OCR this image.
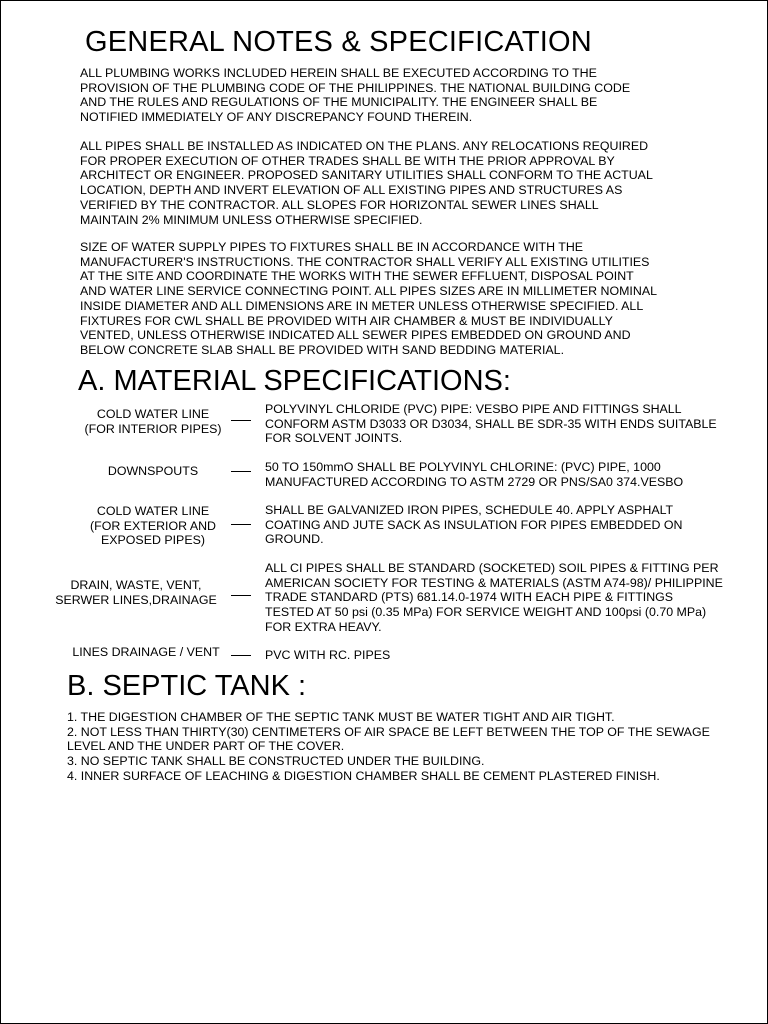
GENERAL NOTES & SPECIFICATION
ALL PLUMBING WORKS INCLUDED HEREIN SHALL BE EXECUTED ACCORDING TO THE
PROVISION OF THE PLUMBING CODE OF THE PHILIPPINES. THE NATIONAL BUILDING CODE
AND THE RULES AND REGULATIONS OF THE MUNICIPALITY. THE ENGINEER SHALL BE
NOTIFIED IMMEDIATELY OF ANY DISCREPANCY FOUND THEREIN.
ALL PIPES SHALL BE INSTALLED AS INDICATED ON THE PLANS. ANY RELOCATIONS REQUIRED
FOR PROPER EXECUTION OF OTHER TRADES SHALL BE WITH THE PRIOR APPROVAL BY
ARCHITECT OR ENGINEER. PROPOSED SANITARY UTILITIES SHALL CONFORM TO THE ACTUAL
LOCATION, DEPTH AND INVERT ELEVATION OF ALL EXISTING PIPES AND STRUCTURES AS
VERIFIED BY THE CONTRACTOR. ALL SLOPES FOR HORIZONTAL SEWER LINES SHALL
MAINTAIN 2% MINIMUM UNLESS OTHERWISE SPECIFIED.
SIZE OF WATER SUPPLY PIPES TO FIXTURES SHALL BE IN ACCORDANCE WITH THE
MANUFACTURER'S INSTRUCTIONS. THE CONTRACTOR SHALL VERIFY ALL EXISTING UTILITIES
AT THE SITE AND COORDINATE THE WORKS WITH THE SEWER EFFLUENT, DISPOSAL POINT
AND WATER LINE SERVICE CONNECTING POINT. ALL PIPES SIZES ARE IN MILLIMETER NOMINAL
INSIDE DIAMETER AND ALL DIMENSIONS ARE IN METER UNLESS OTHERWISE SPECIFIED. ALL
FIXTURES FOR CWL SHALL BE PROVIDED WITH AIR CHAMBER & MUST BE INDIVIDUALLY
VENTED, UNLESS OTHERWISE INDICATED ALL SEWER PIPES EMBEDDED ON GROUND AND
BELOW CONCRETE SLAB SHALL BE PROVIDED WITH SAND BEDDING MATERIAL.
A. MATERIAL SPECIFICATIONS:
COLD WATER LINE
(FOR INTERIOR PIPES)
POLYVINYL CHLORIDE (PVC) PIPE: VESBO PIPE AND FITTINGS SHALL
CONFORM ASTM D3033 OR D3034, SHALL BE SDR-35 WITH ENDS SUITABLE
FOR SOLVENT JOINTS.
DOWNSPOUTS	50 TO 150mmO SHALL BE POLYVINYL CHLORINE: (PVC) PIPE, 1000
MANUFACTURED ACCORDING TO ASTM 2729 OR PNS/SA0 374.VESBO
COLD WATER LINE
(FOR EXTERIOR AND
EXPOSED PIPES)
SHALL BE GALVANIZED IRON PIPES, SCHEDULE 40. APPLY ASPHALT
COATING AND JUTE SACK AS INSULATION FOR PIPES EMBEDDED ON
GROUND.
DRAIN, WASTE, VENT,
SERWER LINES,DRAINAGE
ALL CI PIPES SHALL BE STANDARD (SOCKETED) SOIL PIPES & FITTING PER
AMERICAN SOCIETY FOR TESTING & MATERIALS (ASTM A74-98)/ PHILIPPINE
TRADE STANDARD (PTS) 681.14.0-1974 WITH EACH PIPE & FITTINGS
TESTED AT 50 psi (0.35 MPa) FOR SERVICE WEIGHT AND 100psi (0.70 MPa)
FOR EXTRA HEAVY.
LINES DRAINAGE / VENT	PVC WITH RC. PIPES
B. SEPTIC TANK :
1. THE DIGESTION CHAMBER OF THE SEPTIC TANK MUST BE WATER TIGHT AND AIR TIGHT.
2. NOT LESS THAN THIRTY(30) CENTIMETERS OF AIR SPACE BE LEFT BETWEEN THE TOP OF THE SEWAGE
LEVEL AND THE UNDER PART OF THE COVER.
3. NO SEPTIC TANK SHALL BE CONSTRUCTED UNDER THE BUILDING.
4. INNER SURFACE OF LEACHING & DIGESTION CHAMBER SHALL BE CEMENT PLASTERED FINISH.
